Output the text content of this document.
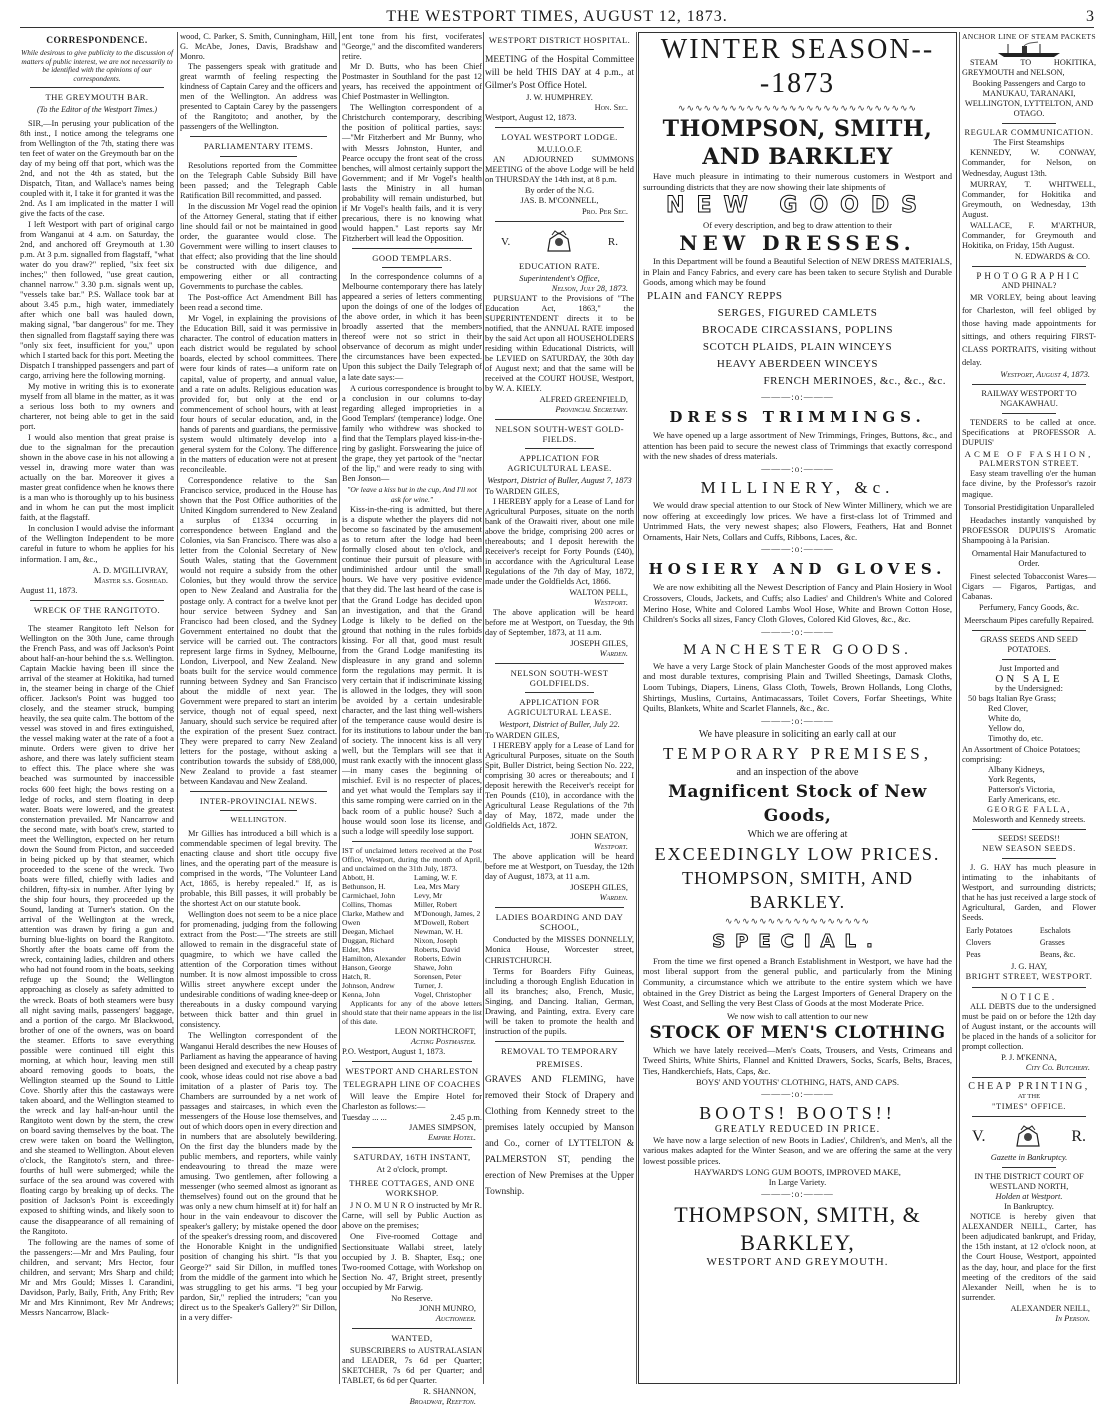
THE WESTPORT TIMES, AUGUST 12, 1873.	3
CORRESPONDENCE.
While desirous to give publicity to the discussion of matters of public interest, we are not necessarily to be identified with the opinions of our correspondents.
THE GREYMOUTH BAR.
(To the Editor of the Westport Times.)
SIR,—In perusing your publication of the 8th inst., I notice among the telegrams one from Wellington of the 7th, stating there was ten feet of water on the Greymouth bar on the day of my being off that port, which was the 2nd, and not the 4th as stated, but the Dispatch, Titan, and Wallace's names being coupled with it, I take it for granted it was the 2nd. As I am implicated in the matter I will give the facts of the case.
I left Westport with part of original cargo from Wanganui at 4 a.m. on Saturday, the 2nd, and anchored off Greymouth at 1.30 p.m. At 3 p.m. signalled from flagstaff, "what water do you draw?" replied, "six feet six inches;" then followed, "use great caution, channel narrow." 3.30 p.m. signals went up, "vessels take bar." P.S. Wallace took bar at about 3.45 p.m., high water, immediately after which one ball was hauled down, making signal, "bar dangerous" for me. They then signalled from flagstaff saying there was "only six feet, insufficient for you," upon which I started back for this port. Meeting the Dispatch I transhipped passengers and part of cargo, arriving here the following morning.
My motive in writing this is to exonerate myself from all blame in the matter, as it was a serious loss both to my owners and charterer, not being able to get in the said port.
I would also mention that great praise is due to the signalman for the precaution shown in the above case in his not allowing a vessel in, drawing more water than was actually on the bar. Moreover it gives a master great confidence when he knows there is a man who is thoroughly up to his business and in whom he can put the most implicit faith, at the flagstaff.
In conclusion I would advise the informant of the Wellington Independent to be more careful in future to whom he applies for his information. I am, &c.,
A. D. M'GILLIVRAY,
Master s.s. Goshead.
August 11, 1873.
WRECK OF THE RANGITOTO.
The steamer Rangitoto left Nelson for Wellington on the 30th June, came through the French Pass, and was off Jackson's Point about half-an-hour behind the s.s. Wellington. Captain Mackie having been ill since the arrival of the steamer at Hokitika, had turned in, the steamer being in charge of the Chief officer. Jackson's Point was hugged too closely, and the steamer struck, bumping heavily, the sea quite calm. The bottom of the vessel was stoved in and fires extinguished, the vessel making water at the rate of a foot a minute. Orders were given to drive her ashore, and there was lately sufficient steam to effect this. The place where she was beached was surmounted by inaccessible rocks 600 feet high; the bows resting on a ledge of rocks, and stern floating in deep water. Boats were lowered, and the greatest consternation prevailed. Mr Nancarrow and the second mate, with boat's crew, started to meet the Wellington, expected on her return down the Sound from Picton, and succeeded in being picked up by that steamer, which proceeded to the scene of the wreck. Two boats were filled, chiefly with ladies and children, fifty-six in number. After lying by the ship four hours, they proceeded up the Sound, landing at Turner's station. On the arrival of the Wellington at the wreck, attention was drawn by firing a gun and burning blue-lights on board the Rangitoto. Shortly after the boats came off from the wreck, containing ladies, children and others who had not found room in the boats, seeking refuge up the Sound; the Wellington approaching as closely as safety admitted to the wreck. Boats of both steamers were busy all night saving mails, passengers' baggage, and a portion of the cargo. Mr Blackwood, brother of one of the owners, was on board the steamer. Efforts to save everything possible were continued till eight this morning, at which hour, leaving men still aboard removing goods to boats, the Wellington steamed up the Sound to Little Cove. Shortly after this the castaways were taken aboard, and the Wellington steamed to the wreck and lay half-an-hour until the Rangitoto went down by the stern, the crew on board saving themselves by the boat. The crew were taken on board the Wellington, and she steamed to Wellington. About eleven o'clock, the Rangitoto's stern, and three-fourths of hull were submerged; while the surface of the sea around was covered with floating cargo by breaking up of decks. The position of Jackson's Point is exceedingly exposed to shifting winds, and likely soon to cause the disappearance of all remaining of the Rangitoto.
The following are the names of some of the passengers:—Mr and Mrs Pauling, four children, and servant; Mrs Hector, four children, and servant; Mrs Sharp and child; Mr and Mrs Gould; Misses I. Carandini, Davidson, Parly, Baily, Frith, Any Frith; Rev Mr and Mrs Kinnimont, Rev Mr Andrews; Messrs Nancarrow, Black-
wood, C. Parker, S. Smith, Cunningham, Hill, G. McAbe, Jones, Davis, Bradshaw and Monro.
The passengers speak with gratitude and great warmth of feeling respecting the kindness of Captain Carey and the officers and men of the Wellington. An address was presented to Captain Carey by the passengers of the Rangitoto; and another, by the passengers of the Wellington.
PARLIAMENTARY ITEMS.
Resolutions reported from the Committee on the Telegraph Cable Subsidy Bill have been passed; and the Telegraph Cable Ratification Bill recommitted, and passed.
In the discussion Mr Vogel read the opinion of the Attorney General, stating that if either line should fail or not be maintained in good order, the guarantee would close. The Government were willing to insert clauses to that effect; also providing that the line should be constructed with due diligence, and empowering either or all contracting Governments to purchase the cables.
The Post-office Act Amendment Bill has been read a second time.
Mr Vogel, in explaining the provisions of the Education Bill, said it was permissive in character. The control of education matters in each district would be regulated by school boards, elected by school committees. There were four kinds of rates—a uniform rate on capital, value of property, and annual value, and a rate on adults. Religious education was provided for, but only at the end or commencement of school hours, with at least four hours of secular education, and, in the hands of parents and guardians, the permissive system would ultimately develop into a general system for the Colony. The difference in the matters of education were not at present reconcileable.
Correspondence relative to the San Francisco service, produced in the House has shown that the Post Office authorities of the United Kingdom surrendered to New Zealand a surplus of £1334 occurring in correspondence between England and the Colonies, via San Francisco. There was also a letter from the Colonial Secretary of New South Wales, stating that the Government would not require a subsidy from the other Colonies, but they would throw the service open to New Zealand and Australia for the postage only. A contract for a twelve knot per hour service between Sydney and San Francisco had been closed, and the Sydney Government entertained no doubt that the service will be carried out. The contractors represent large firms in Sydney, Melbourne, London, Liverpool, and New Zealand. New boats built for the service would commence running between Sydney and San Francisco about the middle of next year. The Government were prepared to start an interim service, though not of equal speed, next January, should such service be required after the expiration of the present Suez contract. They were prepared to carry New Zealand letters for the postage, without asking a contribution towards the subsidy of £88,000, New Zealand to provide a fast steamer between Kandavau and New Zealand.
INTER-PROVINCIAL NEWS.
WELLINGTON.
Mr Gillies has introduced a bill which is a commendable specimen of legal brevity. The enacting clause and short title occupy five lines, and the operating part of the measure is comprised in the words, "The Volunteer Land Act, 1865, is hereby repealed." If, as is probable, this Bill passes, it will probably be the shortest Act on our statute book.
Wellington does not seem to be a nice place for promenading, judging from the following extract from the Post:—"The streets are still allowed to remain in the disgraceful state of quagmire, to which we have called the attention of the Corporation times without number. It is now almost impossible to cross Willis street anywhere except under the undesirable conditions of wading knee-deep or thereabouts in a dusky compound varying between thick batter and thin gruel in consistency.
The Wellington correspondent of the Wanganui Herald describes the new Houses of Parliament as having the appearance of having been designed and executed by a cheap pastry cook, whose ideas could not rise above a bad imitation of a plaster of Paris toy. The Chambers are surrounded by a net work of passages and staircases, in which even the messengers of the House lose themselves, and out of which doors open in every direction and in numbers that are absolutely bewildering. On the first day the blunders made by the public members, and reporters, while vainly endeavouring to thread the maze were amusing. Two gentlemen, after following a messenger (who seemed almost as ignorant as themselves) found out on the ground that he was only a new chum himself at it) for half an hour in the vain endeavour to discover the speaker's gallery; by mistake opened the door of the speaker's dressing room, and discovered the Honorable Knight in the undignified position of changing his shirt. "Is that you George?" said Sir Dillon, in muffled tones from the middle of the garment into which he was struggling to get his arms. "I beg your pardon, Sir," replied the intruders; "can you direct us to the Speaker's Gallery?" Sir Dillon, in a very differ-
ent tone from his first, vociferates "George," and the discomfited wanderers retire.
Mr D. Butts, who has been Chief Postmaster in Southland for the past 12 years, has received the appointment of Chief Postmaster in Wellington.
The Wellington correspondent of a Christchurch contemporary, describing the position of political parties, says:—"Mr Fitzherbert and Mr Bunny, who with Messrs Johnston, Hunter, and Pearce occupy the front seat of the cross benches, will almost certainly support the Government; and if Mr Vogel's health lasts the Ministry in all human probability will remain undisturbed, but if Mr Vogel's health fails, and it is very precarious, there is no knowing what would happen." Last reports say Mr Fitzherbert will lead the Opposition.
GOOD TEMPLARS.
In the correspondence columns of a Melbourne contemporary there has lately appeared a series of letters commenting upon the doings of one of the lodges of the above order, in which it has been broadly asserted that the members thereof were not so strict in their observance of decorum as might under the circumstances have been expected. Upon this subject the Daily Telegraph of a late date says:—
A curious correspondence is brought to a conclusion in our columns to-day regarding alleged improprieties in a Good Templars' (temperance) lodge. One family who withdrew was shocked to find that the Templars played kiss-in-the-ring by gaslight. Forswearing the juice of the grape, they yet partook of the "nectar of the lip," and were ready to sing with Ben Jonson—
"Or leave a kiss but in the cup, And I'll not ask for wine."
Kiss-in-the-ring is admitted, but there is a dispute whether the players did not become so fascinated by the amusement as to return after the lodge had been formally closed about ten o'clock, and continue their pursuit of pleasure with undiminished ardour until the small hours. We have very positive evidence that they did. The last heard of the case is that the Grand Lodge has decided upon an investigation, and that the Grand Lodge is likely to be defied on the ground that nothing in the rules forbids kissing. For all that, good must result from the Grand Lodge manifesting its displeasure in any grand and solemn form the regulations may permit. It is very certain that if indiscriminate kissing is allowed in the lodges, they will soon be avoided by a certain undesirable character, and the last thing well-wishers of the temperance cause would desire is for its institutions to labour under the ban of society. The innocent kiss is all very well, but the Templars will see that it must rank exactly with the innocent glass—in many cases the beginning of mischief. Evil is no respecter of places, and yet what would the Templars say if this same romping were carried on in the back room of a public house? Such a house would soon lose its license, and such a lodge will speedily lose support.
IST of unclaimed letters received at the Post Office, Westport, during the month of April, and unclaimed on the 31th July, 1873.
Abbott, H.
Bethunson, H.
Carmichael, John
Collins, Thomas
Clarke, Mathew and Owen
Deegan, Michael
Duggan, Richard
Elder, Mrs
Hamilton, Alexander
Hanson, George
Hatch, R.
Johnson, Andrew
Kenna, John
Laming, W. F.
Lea, Mrs Mary
Levy, Mr
Miller, Robert
M'Donough, James, 2
M'Dowell, Robert
Newman, W. H.
Nixon, Joseph
Roberts, David
Roberts, Edwin
Shawe, John
Sorensen, Peter
Turner, J.
Vogel, Christopher
Applicants for any of the above letters should state that their name appears in the list of this date.
LEON NORTHCROFT,
Acting Postmaster.
P.O. Westport, August 1, 1873.
WESTPORT AND CHARLESTON
TELEGRAPH LINE OF COACHES
Will leave the Empire Hotel for Charleston as follows:—
Tuesday ... ...	2.45 p.m.
JAMES SIMPSON,
Empire Hotel.
SATURDAY, 16TH INSTANT,
At 2 o'clock, prompt.
THREE COTTAGES, AND ONE WORKSHOP.
J N O. M U N R O instructed by Mr R. Carne, will sell by Public Auction as above on the premises;
One Five-roomed Cottage and Sectionsituate Wallabi street, lately occupied by J. B. Shapter, Esq.; one Two-roomed Cottage, with Workshop on Section No. 47, Bright street, presently occupied by Mr Farwig.
No Reserve.
JONH MUNRO,
Auctioneer.
WANTED,
SUBSCRIBERS to AUSTRALASIAN and LEADER, 7s 6d per Quarter; SKETCHER, 7s 6d per Quarter; and TABLET, 6s 6d per Quarter.
R. SHANNON,
Broadway, Reefton.
WESTPORT DISTRICT HOSPITAL.
MEETING of the Hospital Committee will be held THIS DAY at 4 p.m., at Gilmer's Post Office Hotel.
J. W. HUMPHREY.
Hon. Sec.
Westport, August 12, 1873.
LOYAL WESTPORT LODGE.
M.U.I.O.O.F.
AN ADJOURNED SUMMONS MEETING of the above Lodge will be held on THURSDAY the 14th inst, at 8 p.m.
By order of the N.G.
JAS. B. M'CONNELL,
Pro. Per Sec.
V.	R.
EDUCATION RATE.
Superintendent's Office,
Nelson, July 28, 1873.
PURSUANT to the Provisions of "The Education Act, 1863," the SUPERINTENDENT directs it to be notified, that the ANNUAL RATE imposed by the said Act upon all HOUSEHOLDERS residing within Educational Districts, will be LEVIED on SATURDAY, the 30th day of August next; and that the same will be received at the COURT HOUSE, Westport, by W. A. KIELY.
ALFRED GREENFIELD,
Provincial Secretary.
NELSON SOUTH-WEST GOLD-FIELDS.
APPLICATION FOR AGRICULTURAL LEASE.
Westport, District of Buller, August 7, 1873
To WARDEN GILES,
I HEREBY apply for a Lease of Land for Agricultural Purposes, situate on the north bank of the Orawaiti river, about one mile above the bridge, comprising 200 acres or thereabouts; and I deposit herewith the Receiver's receipt for Forty Pounds (£40), in accordance with the Agricultural Lease Regulations of the 7th day of May, 1872, made under the Goldfields Act, 1866.
WALTON PELL,
Westport.
The above application will be heard before me at Westport, on Tuesday, the 9th day of September, 1873, at 11 a.m.
JOSEPH GILES,
Warden.
NELSON SOUTH-WEST GOLDFIELDS.
APPLICATION FOR AGRICULTURAL LEASE.
Westport, District of Buller, July 22.
To WARDEN GILES,
I HEREBY apply for a Lease of Land for Agricultural Purposes, situate on the South Spit, Buller District, being Section No. 222, comprising 30 acres or thereabouts; and I deposit herewith the Receiver's receipt for Ten Pounds (£10), in accordance with the Agricultural Lease Regulations of the 7th day of May, 1872, made under the Goldfields Act, 1872.
JOHN SEATON,
Westport.
The above application will be heard before me at Westport, on Tuesday, the 12th day of August, 1873, at 11 a.m.
JOSEPH GILES,
Warden.
LADIES BOARDING AND DAY SCHOOL,
Conducted by the MISSES DONNELLY, Monica House, Worcester street, CHRISTCHURCH.
Terms for Boarders Fifty Guineas, including a thorough English Education in all its branches; also, French, Music, Singing, and Dancing. Italian, German, Drawing, and Painting, extra. Every care will be taken to promote the health and instruction of the pupils.
REMOVAL TO TEMPORARY
PREMISES.
GRAVES AND FLEMING, have removed their Stock of Drapery and Clothing from Kennedy street to the premises lately occupied by Manson and Co., corner of LYTTELTON & PALMERSTON ST, pending the erection of New Premises at the Upper Township.
WINTER SEASON---1873
∿∿∿∿∿∿∿∿∿∿∿∿∿∿∿∿∿∿∿∿∿∿∿∿∿∿∿∿
THOMPSON, SMITH, AND BARKLEY
Have much pleasure in intimating to their numerous customers in Westport and surrounding districts that they are now showing their late shipments of
NEW GOODS
Of every description, and beg to draw attention to their
NEW DRESSES.
In this Department will be found a Beautiful Selection of NEW DRESS MATERIALS, in Plain and Fancy Fabrics, and every care has been taken to secure Stylish and Durable Goods, among which may be found
PLAIN and FANCY REPPS
SERGES, FIGURED CAMLETS
BROCADE CIRCASSIANS, POPLINS
SCOTCH PLAIDS, PLAIN WINCEYS
HEAVY ABERDEEN WINCEYS
FRENCH MERINOES, &c., &c., &c.
———:o:———
DRESS TRIMMINGS.
We have opened up a large assortment of New Trimmings, Fringes, Buttons, &c., and attention has been paid to secure the newest class of Trimmings that exactly correspond with the new shades of dress materials.
———:o:———
MILLINERY, &c.
We would draw special attention to our Stock of New Winter Millinery, which we are now offering at exceedingly low prices. We have a first-class lot of Trimmed and Untrimmed Hats, the very newest shapes; also Flowers, Feathers, Hat and Bonnet Ornaments, Hair Nets, Collars and Cuffs, Ribbons, Laces, &c.
———:o:———
HOSIERY AND GLOVES.
We are now exhibiting all the Newest Description of Fancy and Plain Hosiery in Wool Crossovers, Clouds, Jackets, and Cuffs; also Ladies' and Children's White and Colored Merino Hose, White and Colored Lambs Wool Hose, White and Brown Cotton Hose, Children's Socks all sizes, Fancy Cloth Gloves, Colored Kid Gloves, &c., &c.
———:o:———
MANCHESTER GOODS.
We have a very Large Stock of plain Manchester Goods of the most approved makes and most durable textures, comprising Plain and Twilled Sheetings, Damask Cloths, Loom Tubings, Diapers, Linens, Glass Cloth, Towels, Brown Hollands, Long Cloths, Shirtings, Muslins, Curtains, Antimacassars, Toilet Covers, Forfar Sheetings, White Quilts, Blankets, White and Scarlet Flannels, &c., &c.
———:o:———
We have pleasure in soliciting an early call at our
TEMPORARY PREMISES,
and an inspection of the above
Magnificent Stock of New Goods,
Which we are offering at
EXCEEDINGLY LOW PRICES.
THOMPSON, SMITH, AND BARKLEY.
∿∿∿∿∿∿∿∿∿∿∿∿∿∿∿∿∿
SPECIAL.
From the time we first opened a Branch Establishment in Westport, we have had the most liberal support from the general public, and particularly from the Mining Community, a circumstance which we attribute to the entire system which we have obtained in the Grey District as being the Largest Importers of General Drapery on the West Coast, and Selling the very Best Class of Goods at the most Moderate Price.
We now wish to call attention to our new
STOCK OF MEN'S CLOTHING
Which we have lately received—Men's Coats, Trousers, and Vests, Crimeans and Tweed Shirts, White Shirts, Flannel and Knitted Drawers, Socks, Scarfs, Belts, Braces, Ties, Handkerchiefs, Hats, Caps, &c.
BOYS' AND YOUTHS' CLOTHING, HATS, AND CAPS.
———:o:———
BOOTS! BOOTS!!
GREATLY REDUCED IN PRICE.
We have now a large selection of new Boots in Ladies', Children's, and Men's, all the various makes adapted for the Winter Season, and we are offering the same at the very lowest possible prices.
HAYWARD'S LONG GUM BOOTS, IMPROVED MAKE,
In Large Variety.
———:o:———
THOMPSON, SMITH, & BARKLEY,
WESTPORT AND GREYMOUTH.
ANCHOR LINE OF STEAM PACKETS
STEAM TO HOKITIKA, GREYMOUTH and NELSON,
Booking Passengers and Cargo to MANUKAU, TARANAKI, WELLINGTON, LYTTELTON, AND OTAGO.
REGULAR COMMUNICATION.
The First Steamships
KENNEDY, W. CONWAY, Commander, for Nelson, on Wednesday, August 13th.
MURRAY, T. WHITWELL, Commander, for Hokitika and Greymouth, on Wednesday, 13th August.
WALLACE, F. M'ARTHUR, Commander, for Greymouth and Hokitika, on Friday, 15th August.
N. EDWARDS & CO.
PHOTOGRAPHIC
AND PHINAL?
MR VORLEY, being about leaving for Charleston, will feel obliged by those having made appointments for sittings, and others requiring FIRST-CLASS PORTRAITS, visiting without delay.
Westport, August 4, 1873.
RAILWAY WESTPORT TO NGAKAWHAU.
TENDERS to be called at once. Specifications at PROFESSOR A. DUPUIS'
ACME OF FASHION,
PALMERSTON STREET.
Easy steam travelling o'er the human face divine, by the Professor's razoir magique.
Tonsorial Prestidigitation Unparalleled
Headaches instantly vanquished by PROFESSOR DUPUIS'S Aromatic Shampooing à la Parisian.
Ornamental Hair Manufactured to Order.
Finest selected Tobacconist Wares—Cigars — Figaros, Partigas, and Cabanas.
Perfumery, Fancy Goods, &c.
Meerschaum Pipes carefully Repaired.
GRASS SEEDS AND SEED POTATOES.
Just Imported and
ON SALE
by the Undersigned:
50 bags Italian Rye Grass;
Red Clover,
White do,
Yellow do,
Timothy do, etc.
An Assortment of Choice Potatoes; comprising:
Albany Kidneys,
York Regents,
Patterson's Victoria,
Early Americans, etc.
GEORGE FALLA,
Molesworth and Kennedy streets.
SEEDS! SEEDS!!
NEW SEASON SEEDS.
J. G. HAY has much pleasure in intimating to the inhabitants of Westport, and surrounding districts; that he has just received a large stock of Agricultural, Garden, and Flower Seeds.
Early Potatoes	Eschalots
Clovers	Grasses
Peas	Beans, &c.
J. G. HAY,
BRIGHT STREET, WESTPORT.
NOTICE.
ALL DEBTS due to the undersigned must be paid on or before the 12th day of August instant, or the accounts will be placed in the hands of a solicitor for prompt collection.
P. J. M'KENNA,
City Co. Butchery.
CHEAP PRINTING,
AT THE
"TIMES" OFFICE.
V.	R.
Gazette in Bankruptcy.
IN THE DISTRICT COURT OF WESTLAND NORTH,
Holden at Westport.
In Bankruptcy.
NOTICE is hereby given that ALEXANDER NEILL, Carter, has been adjudicated bankrupt, and Friday, the 15th instant, at 12 o'clock noon, at the Court House, Westport, appointed as the day, hour, and place for the first meeting of the creditors of the said Alexander Neill, when he is to surrender.
ALEXANDER NEILL,
In Person.
